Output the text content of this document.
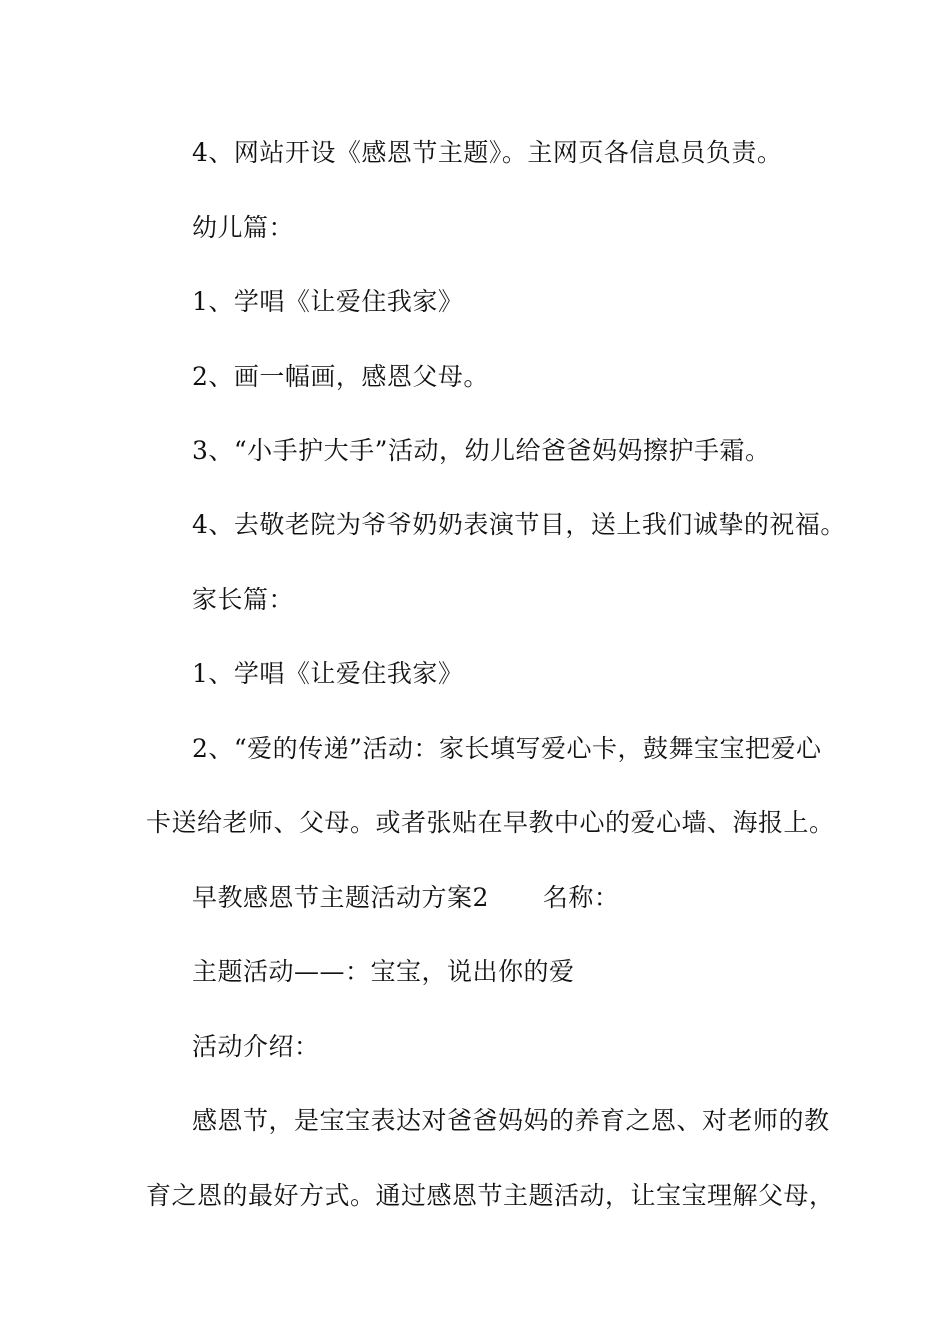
4、网站开设《感恩节主题》。主网页各信息员负责。
幼儿篇：
1、学唱《让爱住我家》
2、画一幅画，感恩父母。
3、“小手护大手”活动，幼儿给爸爸妈妈擦护手霜。
4、去敬老院为爷爷奶奶表演节目，送上我们诚挚的祝福。
家长篇：
1、学唱《让爱住我家》
2、“爱的传递”活动：家长填写爱心卡，鼓舞宝宝把爱心
卡送给老师、父母。或者张贴在早教中心的爱心墙、海报上。
早教感恩节主题活动方案2 名称：
主题活动——：宝宝，说出你的爱
活动介绍：
感恩节，是宝宝表达对爸爸妈妈的养育之恩、对老师的教
育之恩的最好方式。通过感恩节主题活动，让宝宝理解父母，
